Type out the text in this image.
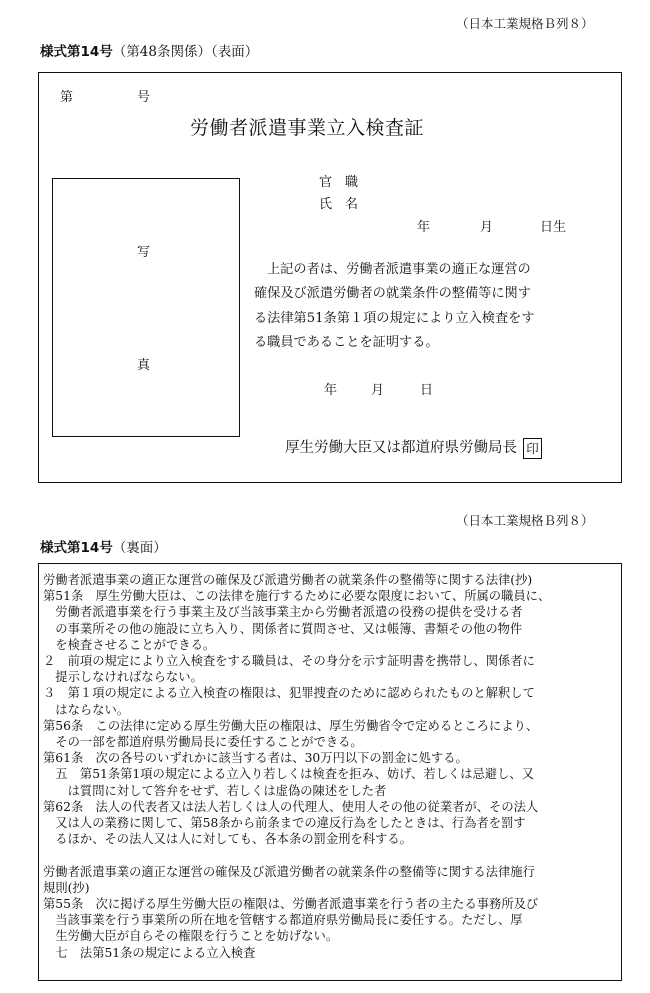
（日本工業規格Ｂ列８）
様式第14号（第48条関係）（表面）
第	号
労働者派遣事業立入検査証
写
真
官　職
氏　名
年	月	日生
上記の者は、労働者派遣事業の適正な運営の
確保及び派遣労働者の就業条件の整備等に関す
る法律第51条第１項の規定により立入検査をす
る職員であることを証明する。
年	月	日
厚生労働大臣又は都道府県労働局長 印
（日本工業規格Ｂ列８）
様式第14号（裏面）
労働者派遣事業の適正な運営の確保及び派遣労働者の就業条件の整備等に関する法律(抄)
第51条　厚生労働大臣は、この法律を施行するために必要な限度において、所属の職員に、
　労働者派遣事業を行う事業主及び当該事業主から労働者派遣の役務の提供を受ける者
　の事業所その他の施設に立ち入り、関係者に質問させ、又は帳簿、書類その他の物件
　を検査させることができる。
２　前項の規定により立入検査をする職員は、その身分を示す証明書を携帯し、関係者に
　提示しなければならない。
３　第１項の規定による立入検査の権限は、犯罪捜査のために認められたものと解釈して
　はならない。
第56条　この法律に定める厚生労働大臣の権限は、厚生労働省令で定めるところにより、
　その一部を都道府県労働局長に委任することができる。
第61条　次の各号のいずれかに該当する者は、30万円以下の罰金に処する。
　五　第51条第1項の規定による立入り若しくは検査を拒み、妨げ、若しくは忌避し、又
　　は質問に対して答弁をせず、若しくは虚偽の陳述をした者
第62条　法人の代表者又は法人若しくは人の代理人、使用人その他の従業者が、その法人
　又は人の業務に関して、第58条から前条までの違反行為をしたときは、行為者を罰す
　るほか、その法人又は人に対しても、各本条の罰金刑を科する。
労働者派遣事業の適正な運営の確保及び派遣労働者の就業条件の整備等に関する法律施行
規則(抄)
第55条　次に掲げる厚生労働大臣の権限は、労働者派遣事業を行う者の主たる事務所及び
　当該事業を行う事業所の所在地を管轄する都道府県労働局長に委任する。ただし、厚
　生労働大臣が自らその権限を行うことを妨げない。
　七　法第51条の規定による立入検査
